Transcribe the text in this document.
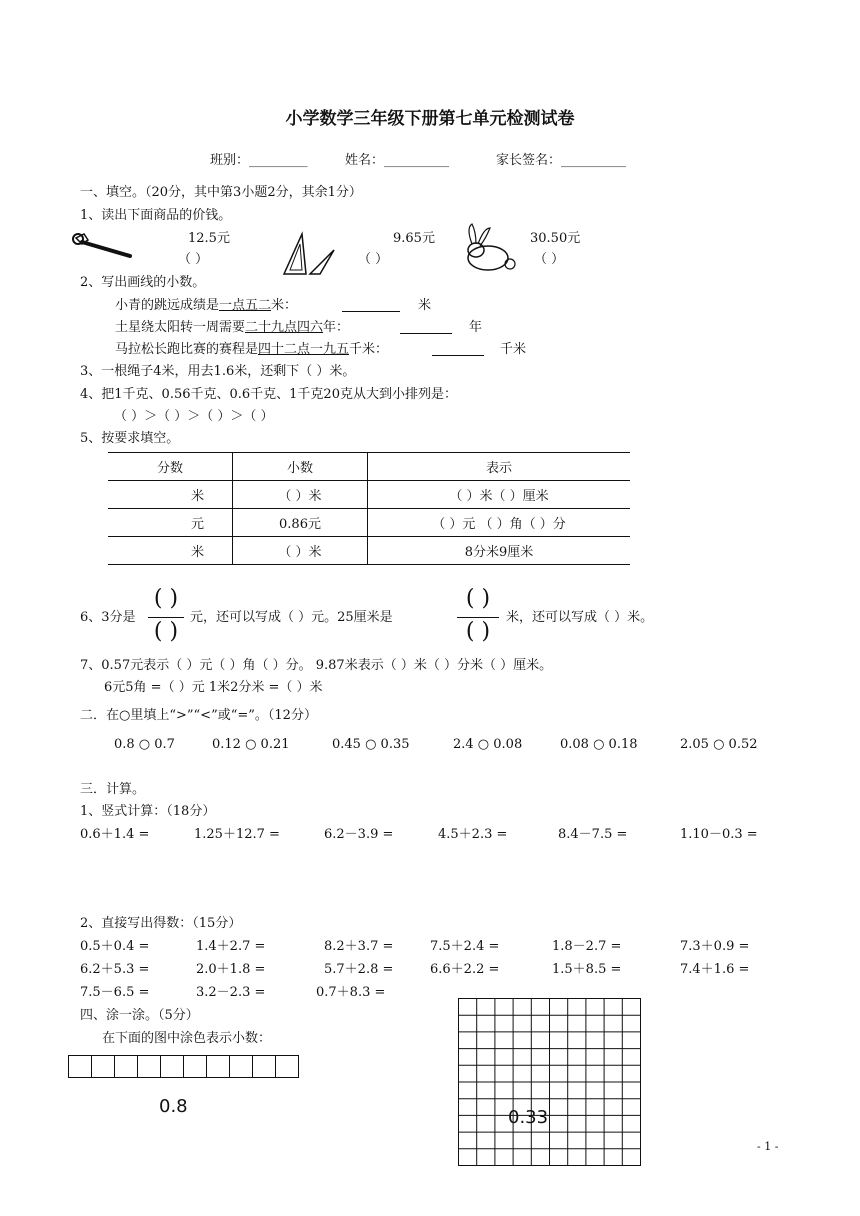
小学数学三年级下册第七单元检测试卷
班别：_________	姓名：__________	家长签名：__________
一、填空。（20分，其中第3小题2分，其余1分）
1、读出下面商品的价钱。
12.5元
（ ）
9.65元
（ ）
30.50元
（ ）
2、写出画线的小数。
小青的跳远成绩是一点五二米：	米
土星绕太阳转一周需要二十九点四六年：	年
马拉松长跑比赛的赛程是四十二点一九五千米：	千米
3、一根绳子4米，用去1.6米，还剩下（ ）米。
4、把1千克、0.56千克、0.6千克、1千克20克从大到小排列是：
（ ）＞（ ）＞（ ）＞（ ）
5、按要求填空。
分数	小数	表示
米	（ ）米	（ ）米（ ）厘米
元	0.86元	（ ）元 （ ）角（ ）分
米	（ ）米	8分米9厘米
6、3分是
( )
( )
元，还可以写成（ ）元。25厘米是
( )
( )
米，还可以写成（ ）米。
7、0.57元表示（ ）元（ ）角（ ）分。 9.87米表示（ ）米（ ）分米（ ）厘米。
6元5角 =（ ）元 1米2分米 =（ ）米
二．在○里填上“>”“<”或“=”。（12分）
0.8 ○ 0.7	0.12 ○ 0.21	0.45 ○ 0.35	2.4 ○ 0.08	0.08 ○ 0.18	2.05 ○ 0.52
三．计算。
1、竖式计算：（18分）
0.6＋1.4 =	1.25＋12.7 =	6.2－3.9 =	4.5＋2.3 =	8.4－7.5 =	1.10－0.3 =
2、直接写出得数：（15分）
0.5＋0.4 =	1.4＋2.7 =	8.2＋3.7 =	7.5＋2.4 =	1.8－2.7 =	7.3＋0.9 =
6.2＋5.3 =	2.0＋1.8 =	5.7＋2.8 =	6.6＋2.2 =	1.5＋8.5 =	7.4＋1.6 =
7.5－6.5 =	3.2－2.3 =	0.7＋8.3 =
四、涂一涂。（5分）
在下面的图中涂色表示小数：
0.8
0.33
- 1 -
